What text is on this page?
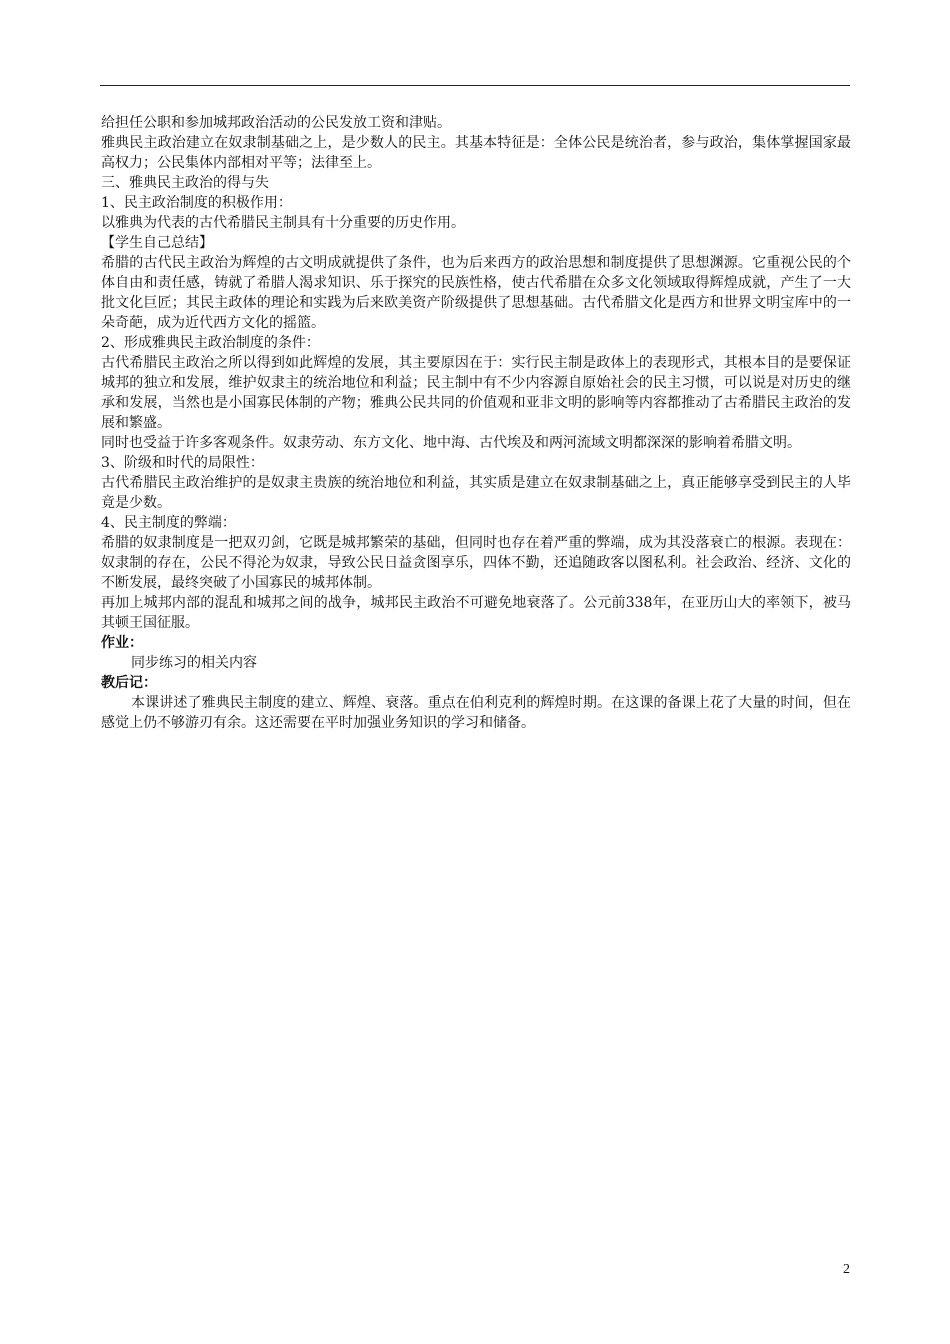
给担任公职和参加城邦政治活动的公民发放工资和津贴。

雅典民主政治建立在奴隶制基础之上，是少数人的民主。其基本特征是：全体公民是统治者，参与政治，集体掌握国家最高权力；公民集体内部相对平等；法律至上。

三、雅典民主政治的得与失

1、民主政治制度的积极作用：

以雅典为代表的古代希腊民主制具有十分重要的历史作用。

【学生自己总结】

希腊的古代民主政治为辉煌的古文明成就提供了条件，也为后来西方的政治思想和制度提供了思想渊源。它重视公民的个体自由和责任感，铸就了希腊人渴求知识、乐于探究的民族性格，使古代希腊在众多文化领域取得辉煌成就，产生了一大批文化巨匠；其民主政体的理论和实践为后来欧美资产阶级提供了思想基础。古代希腊文化是西方和世界文明宝库中的一朵奇葩，成为近代西方文化的摇篮。

2、形成雅典民主政治制度的条件：

古代希腊民主政治之所以得到如此辉煌的发展，其主要原因在于：实行民主制是政体上的表现形式，其根本目的是要保证城邦的独立和发展，维护奴隶主的统治地位和利益；民主制中有不少内容源自原始社会的民主习惯，可以说是对历史的继承和发展，当然也是小国寡民体制的产物；雅典公民共同的价值观和亚非文明的影响等内容都推动了古希腊民主政治的发展和繁盛。

同时也受益于许多客观条件。奴隶劳动、东方文化、地中海、古代埃及和两河流域文明都深深的影响着希腊文明。

3、阶级和时代的局限性：

古代希腊民主政治维护的是奴隶主贵族的统治地位和利益，其实质是建立在奴隶制基础之上，真正能够享受到民主的人毕竟是少数。

4、民主制度的弊端：

希腊的奴隶制度是一把双刃剑，它既是城邦繁荣的基础，但同时也存在着严重的弊端，成为其没落衰亡的根源。表现在：奴隶制的存在，公民不得沦为奴隶，导致公民日益贪图享乐，四体不勤，还追随政客以图私利。社会政治、经济、文化的不断发展，最终突破了小国寡民的城邦体制。

再加上城邦内部的混乱和城邦之间的战争，城邦民主政治不可避免地衰落了。公元前338年，在亚历山大的率领下，被马其顿王国征服。

作业：

同步练习的相关内容

教后记：

本课讲述了雅典民主制度的建立、辉煌、衰落。重点在伯利克利的辉煌时期。在这课的备课上花了大量的时间，但在感觉上仍不够游刃有余。这还需要在平时加强业务知识的学习和储备。

2
